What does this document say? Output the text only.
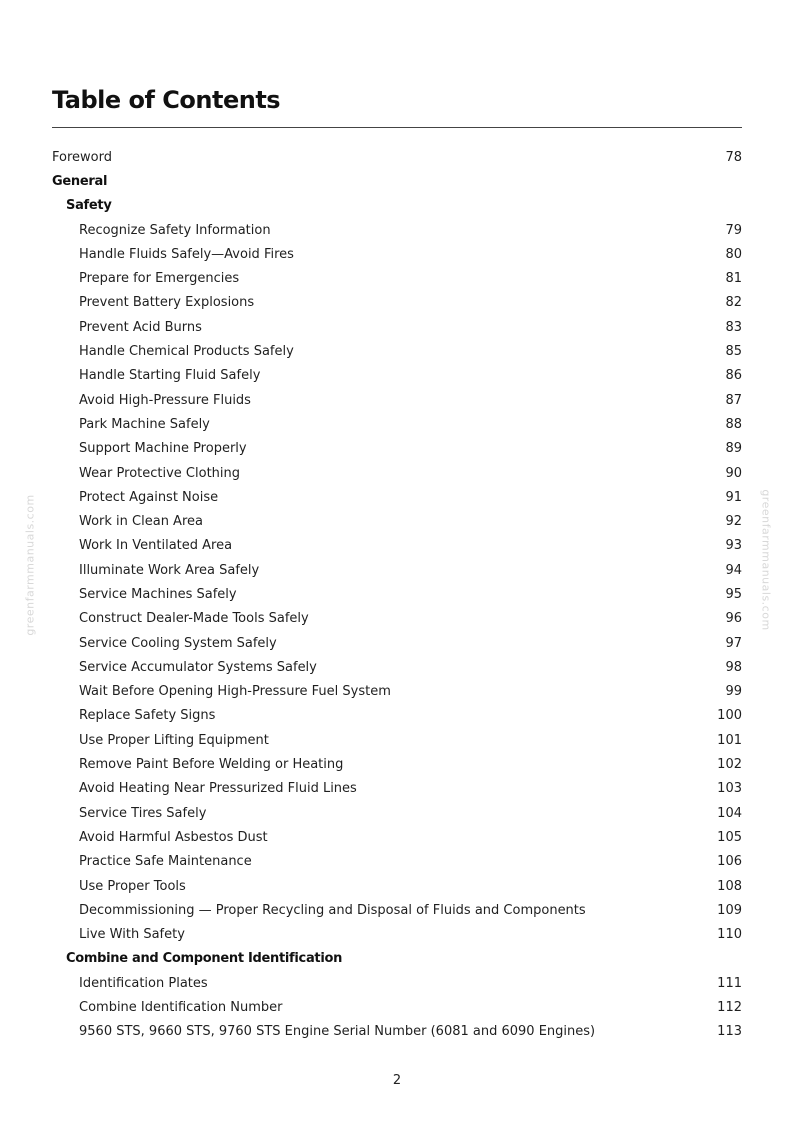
greenfarmmanuals.com	greenfarmmanuals.com
Table of Contents
Foreword	78
General
Safety
Recognize Safety Information	79
Handle Fluids Safely—Avoid Fires	80
Prepare for Emergencies	81
Prevent Battery Explosions	82
Prevent Acid Burns	83
Handle Chemical Products Safely	85
Handle Starting Fluid Safely	86
Avoid High-Pressure Fluids	87
Park Machine Safely	88
Support Machine Properly	89
Wear Protective Clothing	90
Protect Against Noise	91
Work in Clean Area	92
Work In Ventilated Area	93
Illuminate Work Area Safely	94
Service Machines Safely	95
Construct Dealer-Made Tools Safely	96
Service Cooling System Safely	97
Service Accumulator Systems Safely	98
Wait Before Opening High-Pressure Fuel System	99
Replace Safety Signs	100
Use Proper Lifting Equipment	101
Remove Paint Before Welding or Heating	102
Avoid Heating Near Pressurized Fluid Lines	103
Service Tires Safely	104
Avoid Harmful Asbestos Dust	105
Practice Safe Maintenance	106
Use Proper Tools	108
Decommissioning — Proper Recycling and Disposal of Fluids and Components	109
Live With Safety	110
Combine and Component Identification
Identification Plates	111
Combine Identification Number	112
9560 STS, 9660 STS, 9760 STS Engine Serial Number (6081 and 6090 Engines)	113
2
